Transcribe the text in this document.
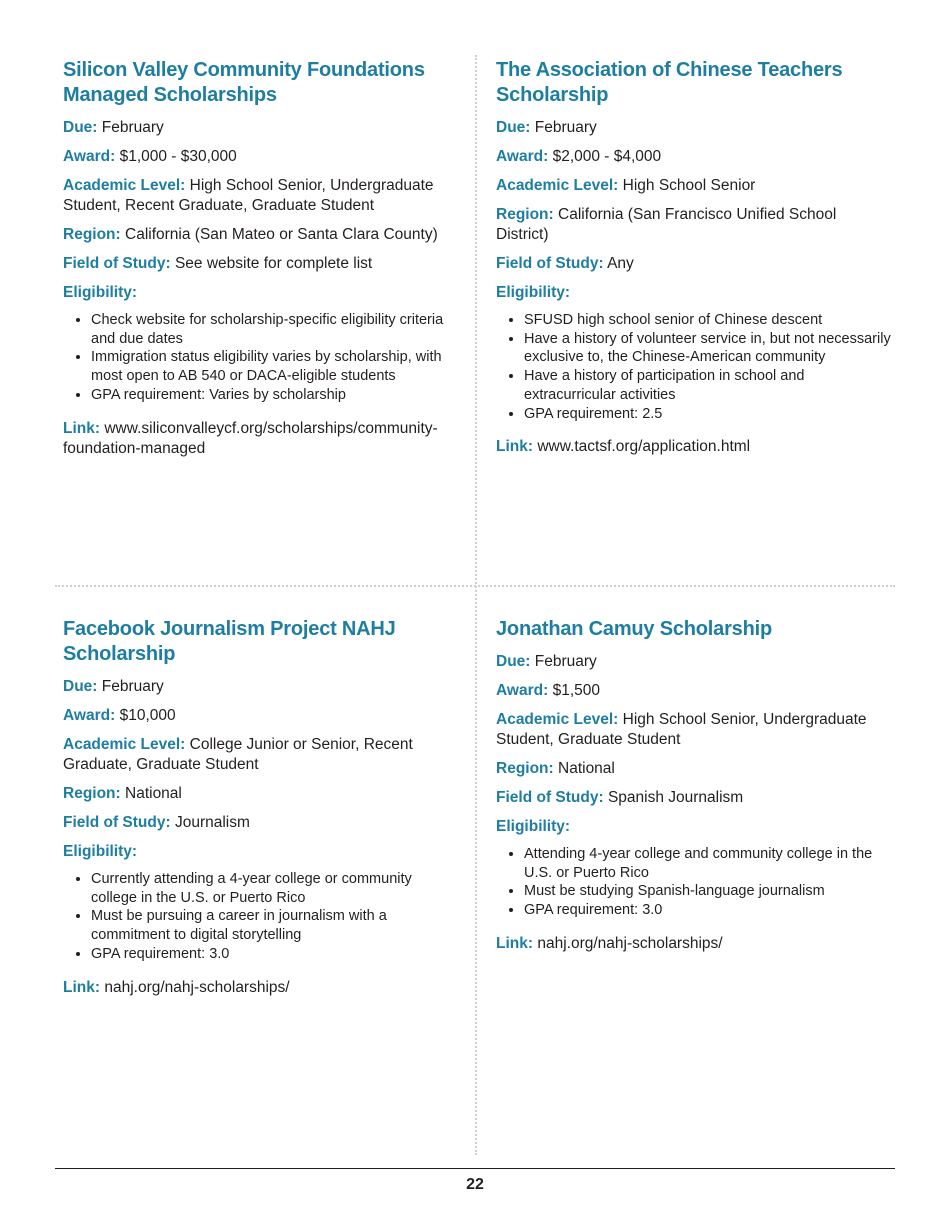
Silicon Valley Community Foundations Managed Scholarships
Due: February
Award: $1,000 - $30,000
Academic Level: High School Senior, Undergraduate Student, Recent Graduate, Graduate Student
Region: California (San Mateo or Santa Clara County)
Field of Study: See website for complete list
Eligibility:
• Check website for scholarship-specific eligibility criteria and due dates
• Immigration status eligibility varies by scholarship, with most open to AB 540 or DACA-eligible students
• GPA requirement: Varies by scholarship
Link: www.siliconvalleycf.org/scholarships/community-foundation-managed
The Association of Chinese Teachers Scholarship
Due: February
Award: $2,000 - $4,000
Academic Level: High School Senior
Region: California (San Francisco Unified School District)
Field of Study: Any
Eligibility:
• SFUSD high school senior of Chinese descent
• Have a history of volunteer service in, but not necessarily exclusive to, the Chinese-American community
• Have a history of participation in school and extracurricular activities
• GPA requirement: 2.5
Link: www.tactsf.org/application.html
Facebook Journalism Project NAHJ Scholarship
Due: February
Award: $10,000
Academic Level: College Junior or Senior, Recent Graduate, Graduate Student
Region: National
Field of Study: Journalism
Eligibility:
• Currently attending a 4-year college or community college in the U.S. or Puerto Rico
• Must be pursuing a career in journalism with a commitment to digital storytelling
• GPA requirement: 3.0
Link: nahj.org/nahj-scholarships/
Jonathan Camuy Scholarship
Due: February
Award: $1,500
Academic Level: High School Senior, Undergraduate Student, Graduate Student
Region: National
Field of Study: Spanish Journalism
Eligibility:
• Attending 4-year college and community college in the U.S. or Puerto Rico
• Must be studying Spanish-language journalism
• GPA requirement: 3.0
Link: nahj.org/nahj-scholarships/
22
